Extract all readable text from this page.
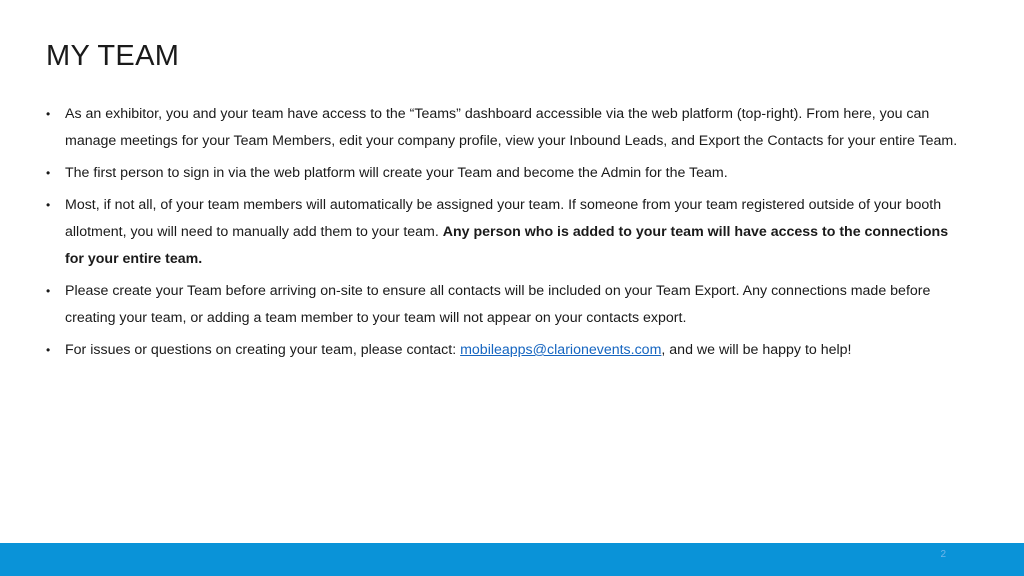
MY TEAM
• As an exhibitor, you and your team have access to the “Teams” dashboard accessible via the web platform (top-right). From here, you can manage meetings for your Team Members, edit your company profile, view your Inbound Leads, and Export the Contacts for your entire Team.
• The first person to sign in via the web platform will create your Team and become the Admin for the Team.
• Most, if not all, of your team members will automatically be assigned your team. If someone from your team registered outside of your booth allotment, you will need to manually add them to your team. Any person who is added to your team will have access to the connections for your entire team.
• Please create your Team before arriving on-site to ensure all contacts will be included on your Team Export. Any connections made before creating your team, or adding a team member to your team will not appear on your contacts export.
• For issues or questions on creating your team, please contact: mobileapps@clarionevents.com, and we will be happy to help!
2
